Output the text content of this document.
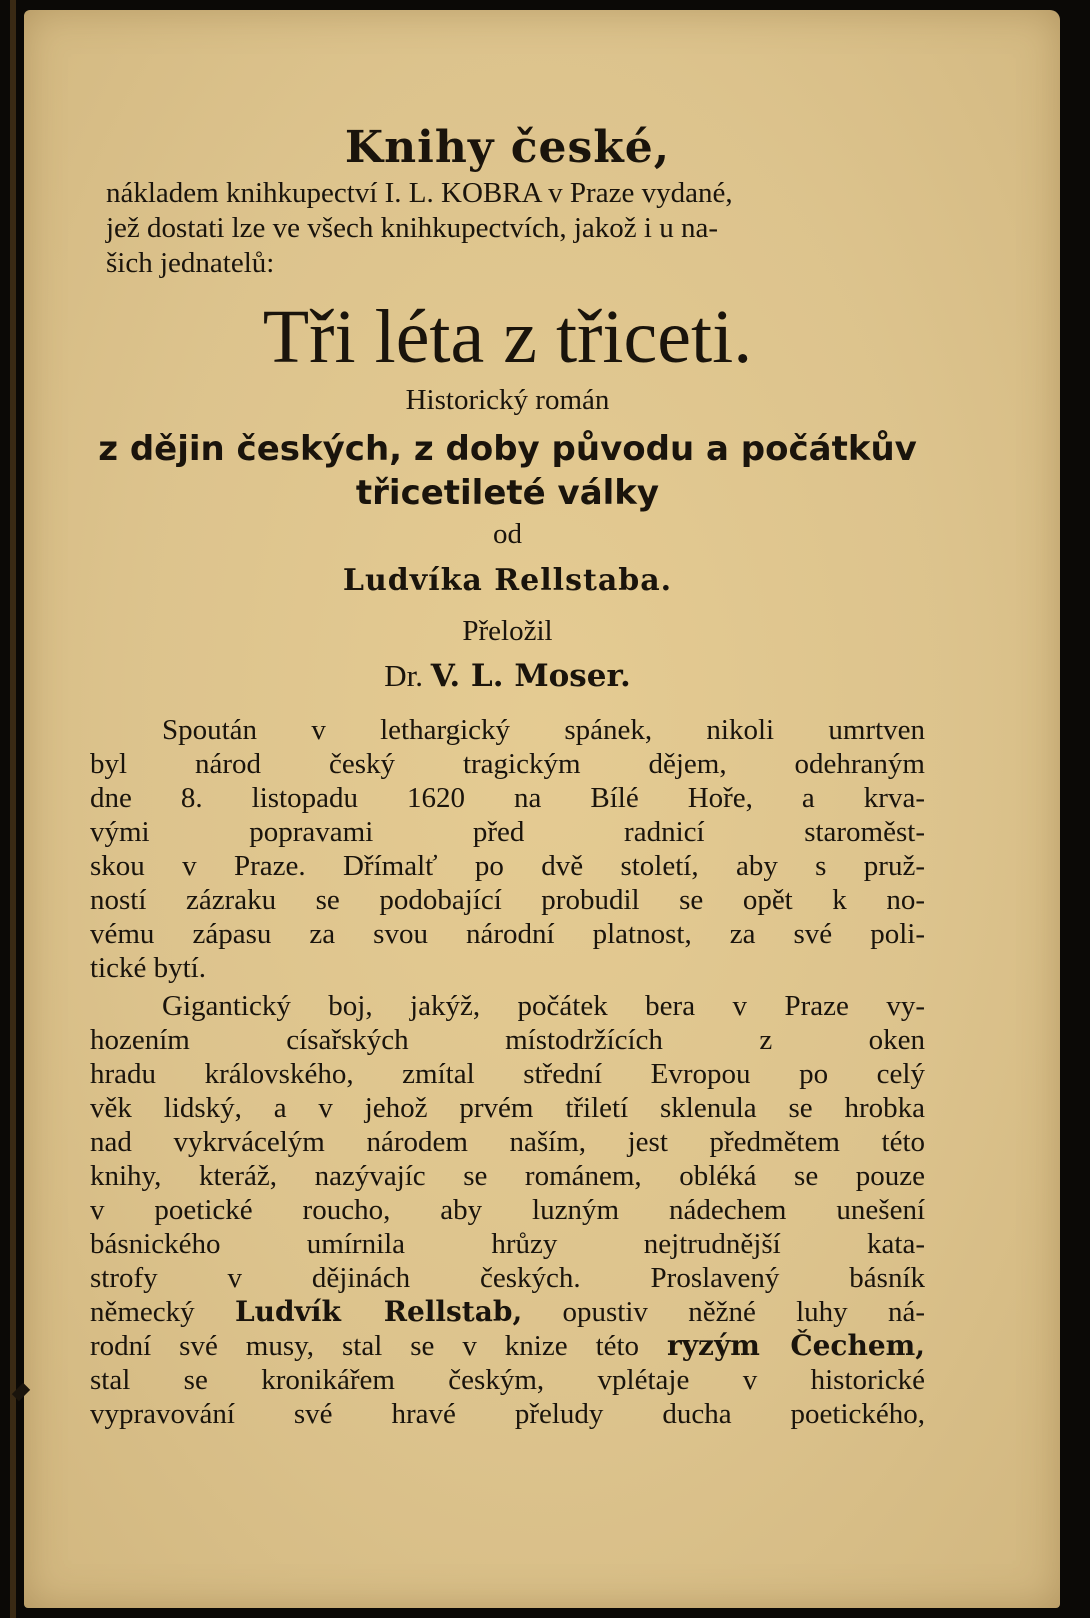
Knihy české,

nákladem knihkupectví I. L. KOBRA v Praze vydané,
jež dostati lze ve všech knihkupectvích, jakož i u na-
šich jednatelů:

Tři léta z třiceti.

Historický román

z dějin českých, z doby původu a počátkův
třicetileté války

od

Ludvíka Rellstaba.

Přeložil

Dr. V. L. Moser.

Spoután v lethargický spánek, nikoli umrtven
byl národ český tragickým dějem, odehraným
dne 8. listopadu 1620 na Bílé Hoře, a krva-
vými popravami před radnicí staroměst-
skou v Praze. Dřímalť po dvě století, aby s pruž-
ností zázraku se podobající probudil se opět k no-
vému zápasu za svou národní platnost, za své poli-
tické bytí.
Gigantický boj, jakýž, počátek bera v Praze vy-
hozením císařských místodržících z oken
hradu královského, zmítal střední Evropou po celý
věk lidský, a v jehož prvém třiletí sklenula se hrobka
nad vykrvácelým národem naším, jest předmětem této
knihy, kteráž, nazývajíc se románem, obléká se pouze
v poetické roucho, aby luzným nádechem unešení
básnického umírnila hrůzy nejtrudnější kata-
strofy v dějinách českých. Proslavený básník
německý Ludvík Rellstab, opustiv něžné luhy ná-
rodní své musy, stal se v knize této ryzým Čechem,
stal se kronikářem českým, vplétaje v historické
vypravování své hravé přeludy ducha poetického,
